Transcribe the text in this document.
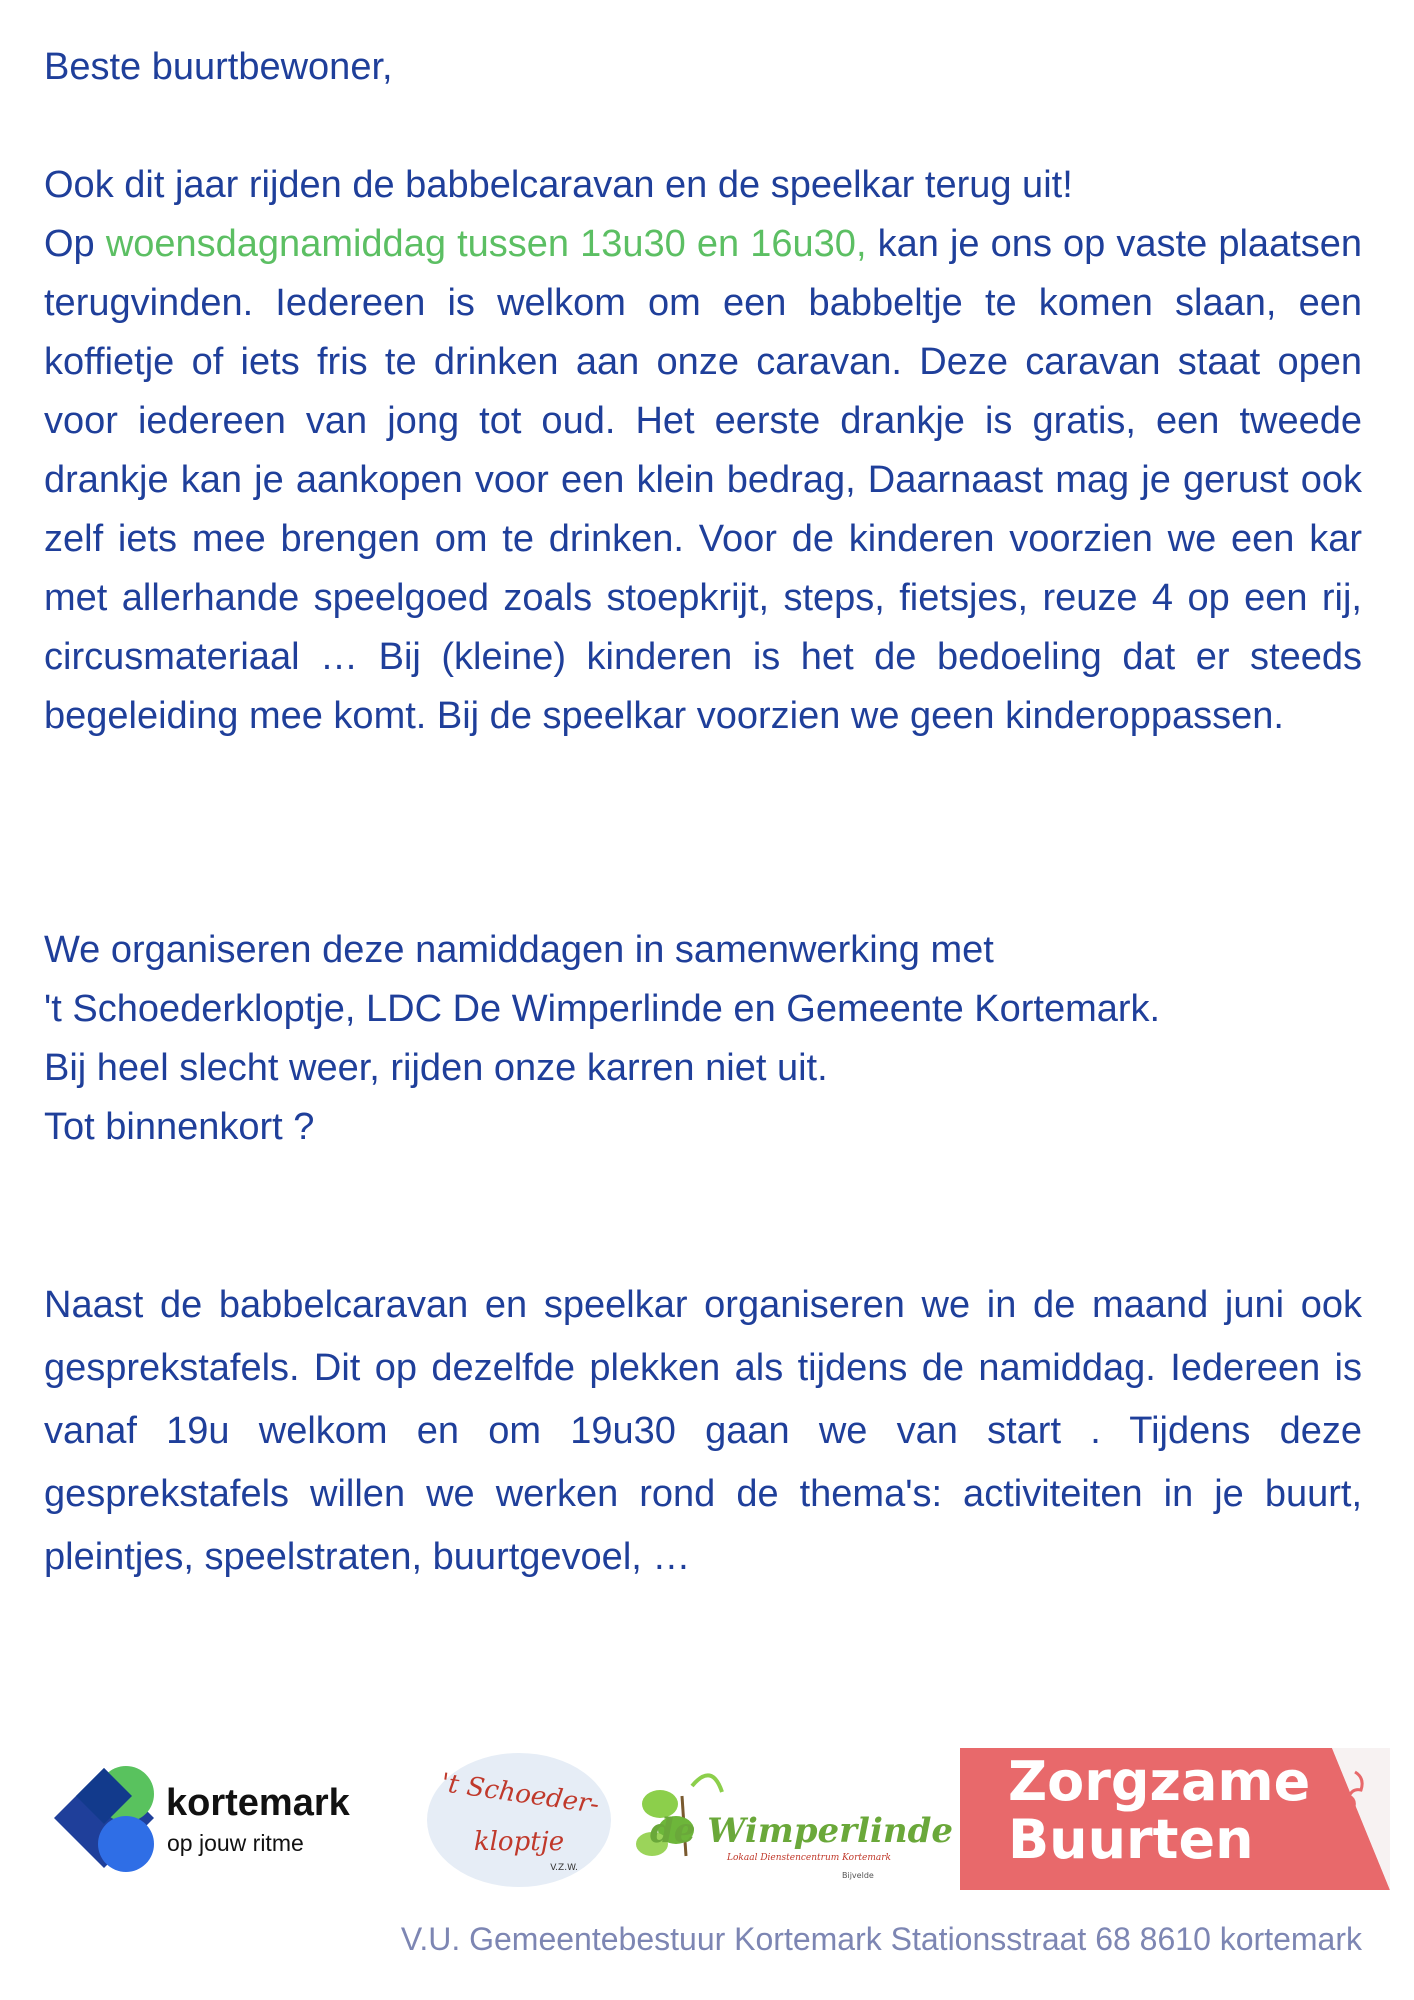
Beste buurtbewoner,
Ook dit jaar rijden de babbelcaravan en de speelkar terug uit!
Op woensdagnamiddag tussen 13u30 en 16u30, kan je ons op vaste plaatsen terugvinden. Iedereen is welkom om een babbeltje te komen slaan, een koffietje of iets fris te drinken aan onze caravan. Deze caravan staat open voor iedereen van jong tot oud. Het eerste drankje is gratis, een tweede drankje kan je aankopen voor een klein bedrag, Daarnaast mag je gerust ook zelf iets mee brengen om te drinken. Voor de kinderen voorzien we een kar met allerhande speelgoed zoals stoepkrijt, steps, fietsjes, reuze 4 op een rij, circusmateriaal … Bij (kleine) kinderen is het de bedoeling dat er steeds begeleiding mee komt. Bij de speelkar voorzien we geen kinderoppassen.
We organiseren deze namiddagen in samenwerking met
't Schoederkloptje, LDC De Wimperlinde en Gemeente Kortemark.
Bij heel slecht weer, rijden onze karren niet uit.
Tot binnenkort ?
Naast de babbelcaravan en speelkar organiseren we in de maand juni ook gesprekstafels. Dit op dezelfde plekken als tijdens de namiddag. Iedereen is vanaf 19u welkom en om 19u30 gaan we van start . Tijdens deze gesprekstafels willen we werken rond de thema's: activiteiten in je buurt, pleintjes, speelstraten, buurtgevoel, …
kortemark
op jouw ritme
't Schoeder-
kloptje
V.Z.W.
de Wimperlinde
Lokaal Dienstencentrum Kortemark
Bijvelde
Zorgzame
Buurten
V.U. Gemeentebestuur Kortemark Stationsstraat 68 8610 kortemark
